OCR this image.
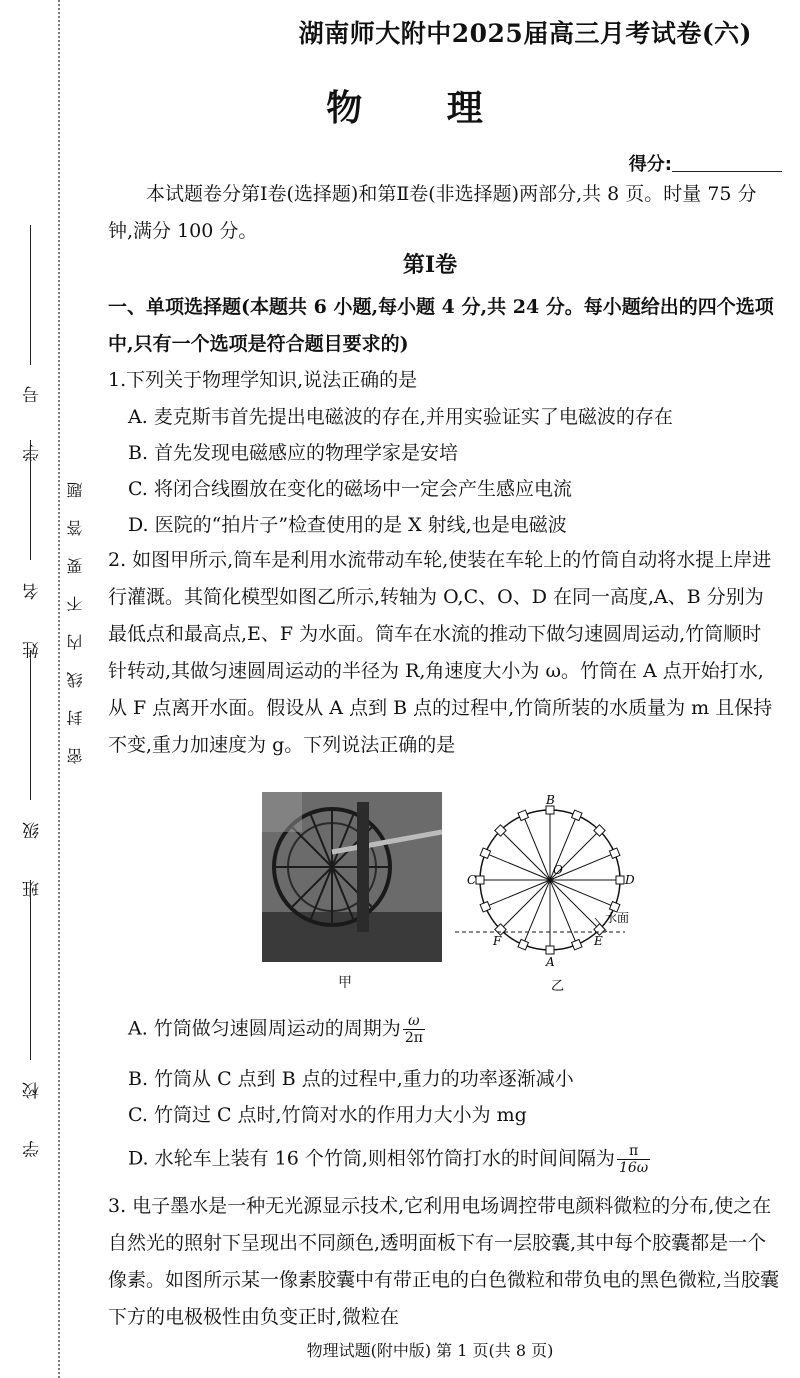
学 号
姓 名
班 级
学 校
密封线内不要答题
湖南师大附中2025届高三月考试卷(六)
物 理
得分:
本试题卷分第Ⅰ卷(选择题)和第Ⅱ卷(非选择题)两部分,共 8 页。时量 75 分钟,满分 100 分。
第Ⅰ卷
一、单项选择题(本题共 6 小题,每小题 4 分,共 24 分。每小题给出的四个选项中,只有一个选项是符合题目要求的)
1.下列关于物理学知识,说法正确的是
A. 麦克斯韦首先提出电磁波的存在,并用实验证实了电磁波的存在
B. 首先发现电磁感应的物理学家是安培
C. 将闭合线圈放在变化的磁场中一定会产生感应电流
D. 医院的“拍片子”检查使用的是 X 射线,也是电磁波
2. 如图甲所示,筒车是利用水流带动车轮,使装在车轮上的竹筒自动将水提上岸进行灌溉。其简化模型如图乙所示,转轴为 O,C、O、D 在同一高度,A、B 分别为最低点和最高点,E、F 为水面。筒车在水流的推动下做匀速圆周运动,竹筒顺时针转动,其做匀速圆周运动的半径为 R,角速度大小为 ω。竹筒在 A 点开始打水,从 F 点离开水面。假设从 A 点到 B 点的过程中,竹筒所装的水质量为 m 且保持不变,重力加速度为 g。下列说法正确的是
甲
水面
B
C	D
O
A
E
F
乙
A. 竹筒做匀速圆周运动的周期为 $\frac{\omega}{2\pi}$
B. 竹筒从 C 点到 B 点的过程中,重力的功率逐渐减小
C. 竹筒过 C 点时,竹筒对水的作用力大小为 mg
D. 水轮车上装有 16 个竹筒,则相邻竹筒打水的时间间隔为 $\frac{\pi}{16\omega}$
3. 电子墨水是一种无光源显示技术,它利用电场调控带电颜料微粒的分布,使之在自然光的照射下呈现出不同颜色,透明面板下有一层胶囊,其中每个胶囊都是一个像素。如图所示某一像素胶囊中有带正电的白色微粒和带负电的黑色微粒,当胶囊下方的电极极性由负变正时,微粒在
物理试题(附中版) 第 1 页(共 8 页)
